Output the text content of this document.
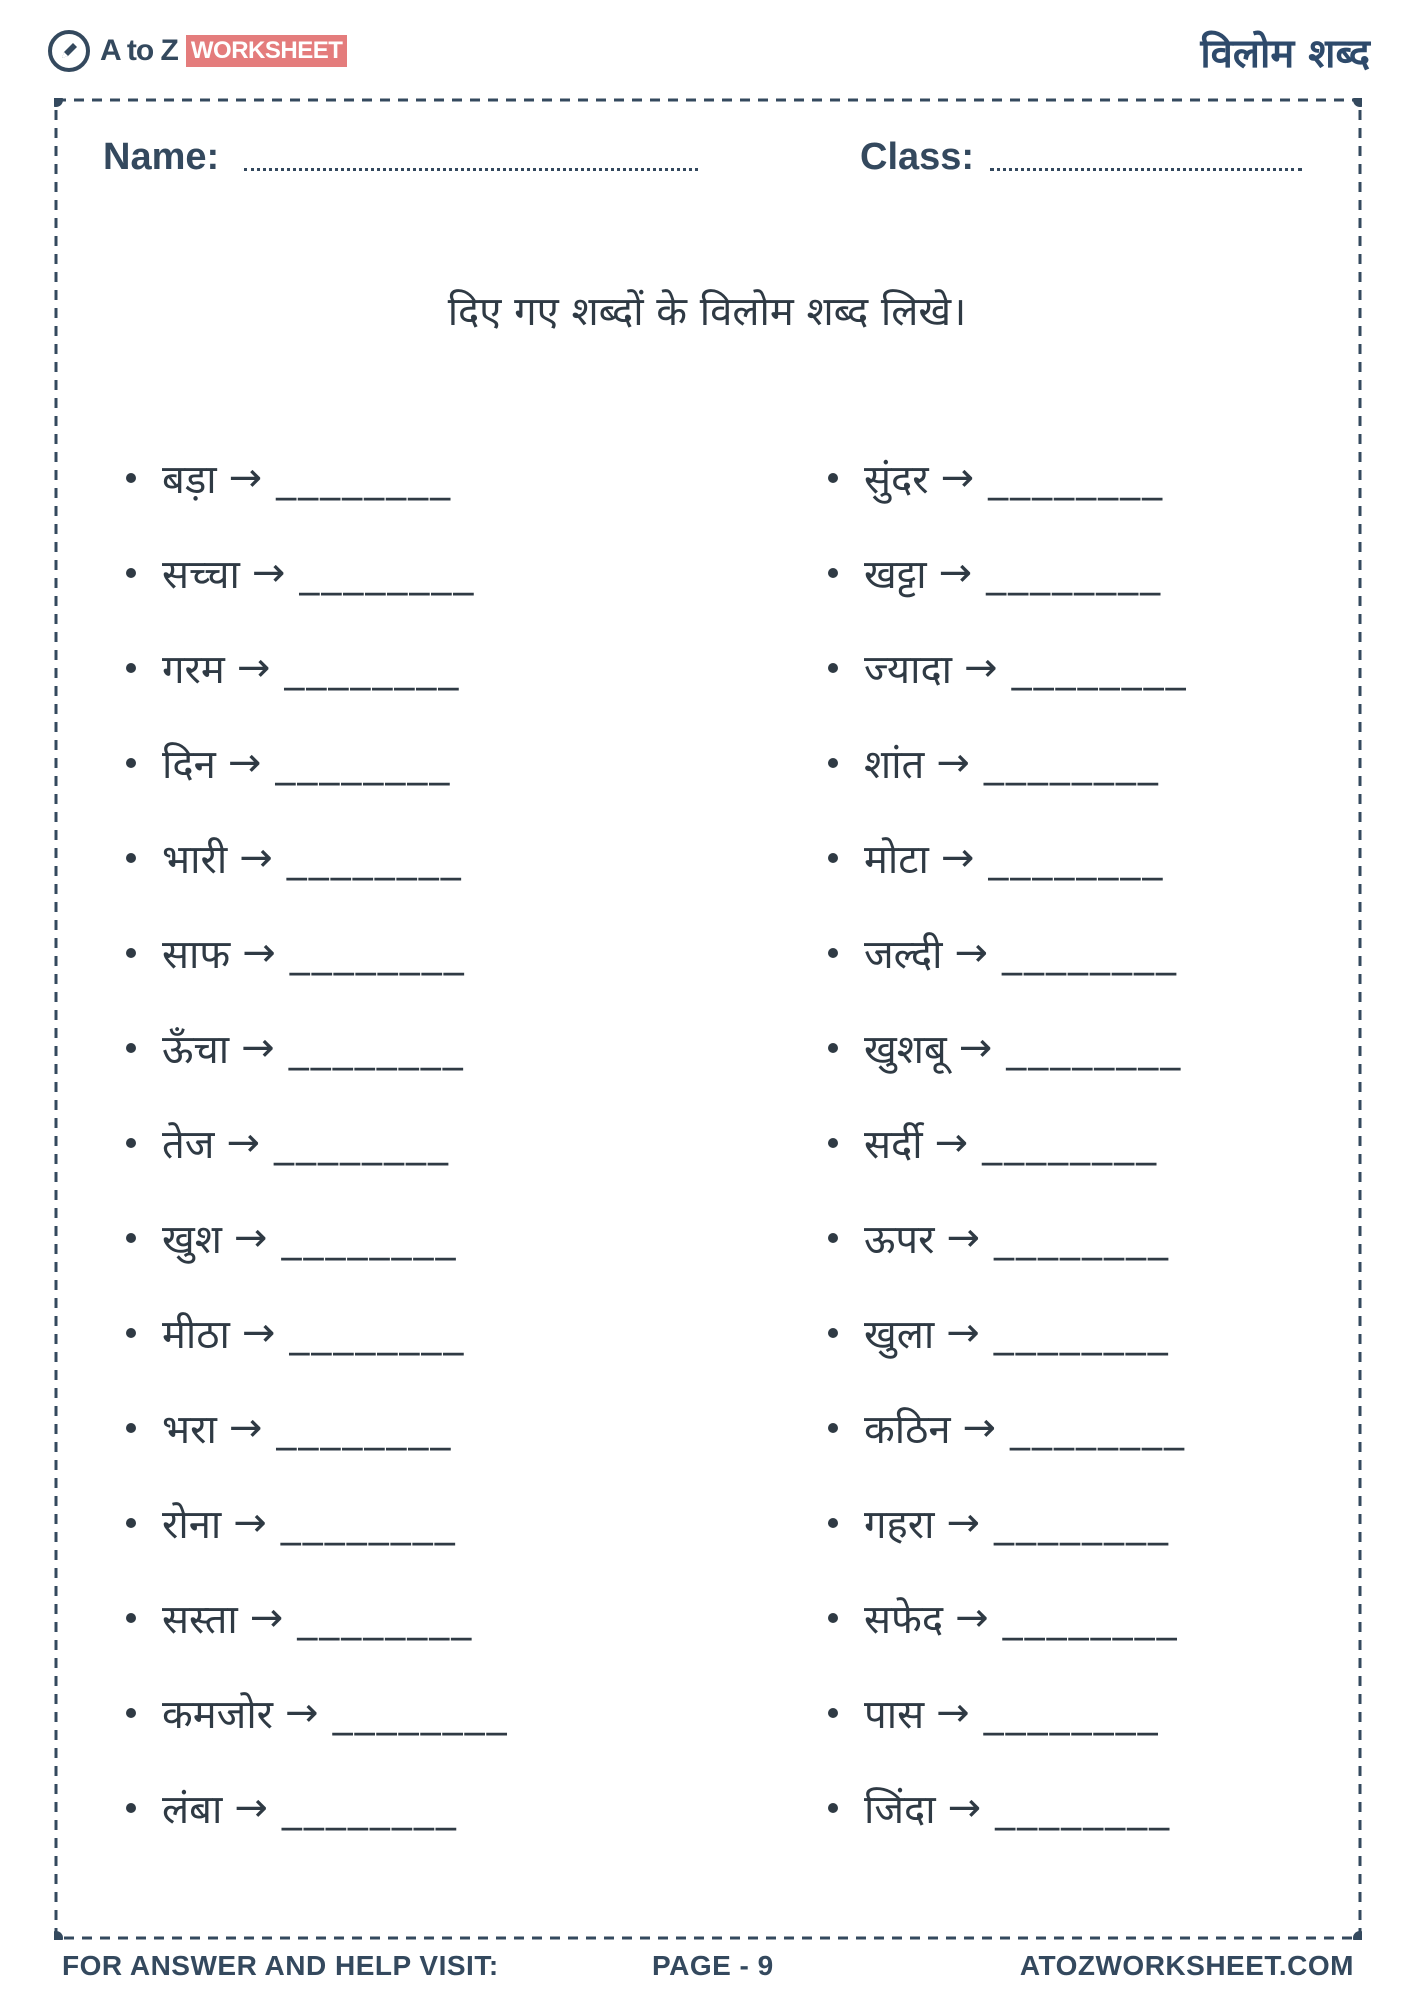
A to Z WORKSHEET	विलोम शब्द
Name:	Class:
दिए गए शब्दों के विलोम शब्द लिखे।
बड़ा → ________
सच्चा → ________
गरम → ________
दिन → ________
भारी → ________
साफ → ________
ऊँचा → ________
तेज → ________
खुश → ________
मीठा → ________
भरा → ________
रोना → ________
सस्ता → ________
कमजोर → ________
लंबा → ________
सुंदर → ________
खट्टा → ________
ज्यादा → ________
शांत → ________
मोटा → ________
जल्दी → ________
खुशबू → ________
सर्दी → ________
ऊपर → ________
खुला → ________
कठिन → ________
गहरा → ________
सफेद → ________
पास → ________
जिंदा → ________
FOR ANSWER AND HELP VISIT:	PAGE - 9	ATOZWORKSHEET.COM
